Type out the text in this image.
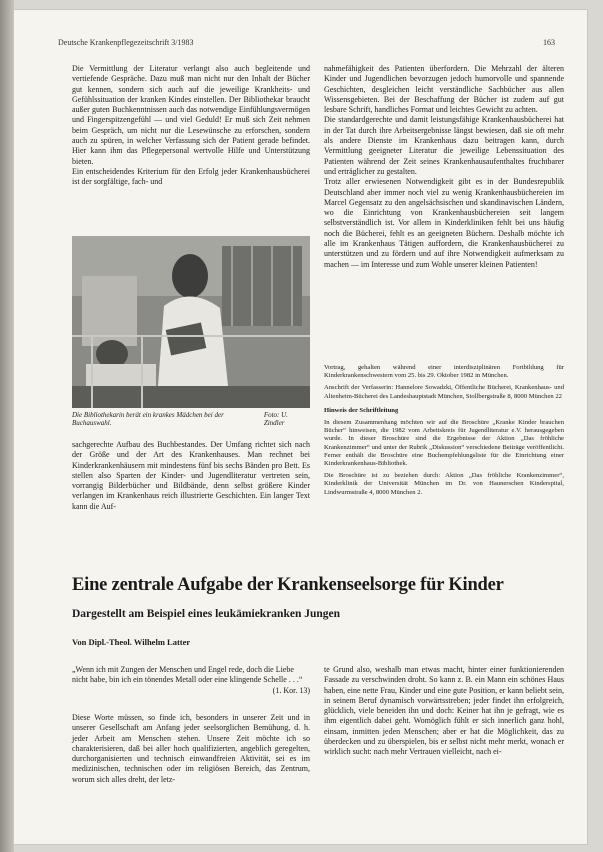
Deutsche Krankenpflegezeitschrift 3/1983	163

Die Vermittlung der Literatur verlangt also auch begleitende und vertiefende Gespräche. Dazu muß man nicht nur den Inhalt der Bücher gut kennen, sondern sich auch auf die jeweilige Krankheits- und Gefühlssituation der kranken Kindes einstellen. Der Bibliothekar braucht außer guten Buchkenntnissen auch das notwendige Einfühlungsvermögen und Fingerspitzengefühl — und viel Geduld! Er muß sich Zeit nehmen beim Gespräch, um nicht nur die Lesewünsche zu erforschen, sondern auch zu spüren, in welcher Verfassung sich der Patient gerade befindet. Hier kann ihm das Pflegepersonal wertvolle Hilfe und Unterstützung bieten.

Ein entscheidendes Kriterium für den Erfolg jeder Krankenhausbücherei ist der sorgfältige, fach- und

Die Bibliothekarin berät ein krankes Mädchen bei der Buchauswahl.
Foto: U. Zindler

sachgerechte Aufbau des Buchbestandes. Der Umfang richtet sich nach der Größe und der Art des Krankenhauses. Man rechnet bei Kinderkrankenhäusern mit mindestens fünf bis sechs Bänden pro Bett. Es stellen also Sparten der Kinder- und Jugendliteratur vertreten sein, vorrangig Bilderbücher und Bildbände, denn selbst größere Kinder verlangen im Krankenhaus reich illustrierte Geschichten. Ein langer Text kann die Auf-

nahmefähigkeit des Patienten überfordern. Die Mehrzahl der älteren Kinder und Jugendlichen bevorzugen jedoch humorvolle und spannende Geschichten, desgleichen leicht verständliche Sachbücher aus allen Wissensgebieten. Bei der Beschaffung der Bücher ist zudem auf gut lesbare Schrift, handliches Format und leichtes Gewicht zu achten.

Die standardgerechte und damit leistungsfähige Krankenhausbücherei hat in der Tat durch ihre Arbeitsergebnisse längst bewiesen, daß sie oft mehr als andere Dienste im Krankenhaus dazu beitragen kann, durch Vermittlung geeigneter Literatur die jeweilige Lebenssituation des Patienten während der Zeit seines Krankenhausaufenthaltes fruchtbarer und erträglicher zu gestalten.

Trotz aller erwiesenen Notwendigkeit gibt es in der Bundesrepublik Deutschland aber immer noch viel zu wenig Krankenhausbüchereien im Marcel Gegensatz zu den angelsächsischen und skandinavischen Ländern, wo die Einrichtung von Krankenhausbüchereien seit langem selbstverständlich ist. Vor allem in Kinderkliniken fehlt bei uns häufig noch die Bücherei, fehlt es an geeigneten Büchern. Deshalb möchte ich alle im Krankenhaus Tätigen auffordern, die Krankenhausbücherei zu unterstützen und zu fördern und auf ihre Notwendigkeit aufmerksam zu machen — im Interesse und zum Wohle unserer kleinen Patienten!

Vortrag, gehalten während einer interdisziplinären Fortbildung für Kinderkrankenschwestern vom 25. bis 29. Oktober 1982 in München.

Anschrift der Verfasserin: Hannelore Sowadzki, Öffentliche Bücherei, Krankenhaus- und Altenheim-Bücherei des Landeshauptstadt München, Stollbergstraße 8, 8000 München 22

Hinweis der Schriftleitung

In diesem Zusammenhang möchten wir auf die Broschüre „Kranke Kinder brauchen Bücher“ hinweisen, die 1982 vom Arbeitskreis für Jugendliteratur e.V. herausgegeben wurde. In dieser Broschüre sind die Ergebnisse der Aktion „Das fröhliche Krankenzimmer“ und unter der Rubrik „Diskussion“ verschiedene Beiträge veröffentlicht. Ferner enthält die Broschüre eine Buchempfehlungsliste für die Einrichtung einer Kinderkrankenhaus-Bibliothek.

Die Broschüre ist zu beziehen durch: Aktion „Das fröhliche Krankenzimmer“, Kinderklinik der Universität München im Dr. von Haunerschen Kinderspital, Lindwurmstraße 4, 8000 München 2.

Eine zentrale Aufgabe der Krankenseelsorge für Kinder
Dargestellt am Beispiel eines leukämiekranken Jungen
Von Dipl.-Theol. Wilhelm Latter
„Wenn ich mit Zungen der Menschen und Engel rede, doch die Liebe nicht habe, bin ich ein tönendes Metall oder eine klingende Schelle . . .“
(1. Kor. 13)

Diese Worte müssen, so finde ich, besonders in unserer Zeit und in unserer Gesellschaft am Anfang jeder seelsorglichen Bemühung, d. h. jeder Arbeit am Menschen stehen. Unsere Zeit möchte ich so charakterisieren, daß bei aller hoch qualifizierten, angeblich geregelten, durchorganisierten und technisch einwandfreien Aktivität, sei es im medizinischen, technischen oder im religiösen Bereich, das Zentrum, worum sich alles dreht, der letz-

te Grund also, weshalb man etwas macht, hinter einer funktionierenden Fassade zu verschwinden droht. So kann z. B. ein Mann ein schönes Haus haben, eine nette Frau, Kinder und eine gute Position, er kann beliebt sein, in seinem Beruf dynamisch vorwärtsstreben; jeder findet ihn erfolgreich, glücklich, viele beneiden ihn und doch: Keiner hat ihn je gefragt, wie es ihm eigentlich dabei geht. Womöglich fühlt er sich innerlich ganz hohl, einsam, inmitten jeden Menschen; aber er hat die Möglichkeit, das zu überdecken und zu überspielen, bis er selbst nicht mehr merkt, wonach er wirklich sucht: nach mehr Vertrauen vielleicht, nach ei-
